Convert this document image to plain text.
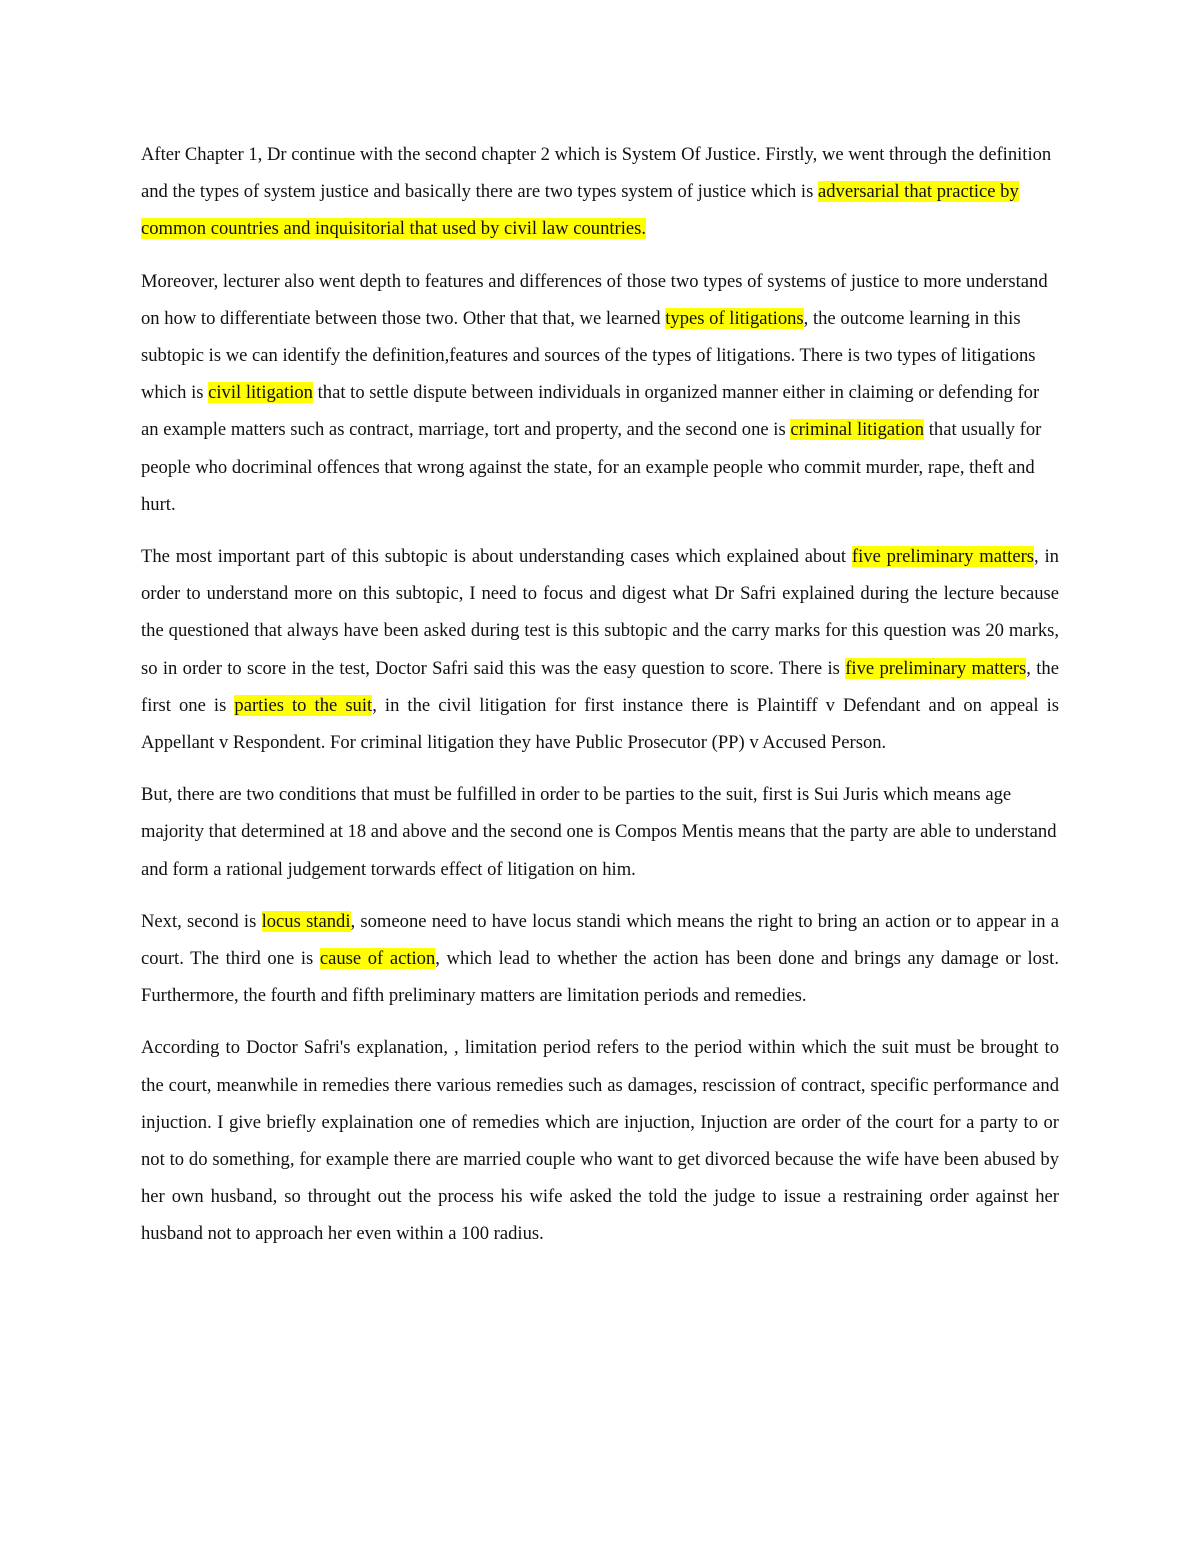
After Chapter 1, Dr continue with the second chapter 2 which is System Of Justice. Firstly, we went through the definition and the types of system justice and basically there are two types system of justice which is adversarial that practice by common countries and inquisitorial that used by civil law countries.

Moreover, lecturer also went depth to features and differences of those two types of systems of justice to more understand on how to differentiate between those two. Other that that, we learned types of litigations, the outcome learning in this subtopic is we can identify the definition,features and sources of the types of litigations. There is two types of litigations which is civil litigation that to settle dispute between individuals in organized manner either in claiming or defending for an example matters such as contract, marriage, tort and property, and the second one is criminal litigation that usually for people who docriminal offences that wrong against the state, for an example people who commit murder, rape, theft and hurt.

The most important part of this subtopic is about understanding cases which explained about five preliminary matters, in order to understand more on this subtopic, I need to focus and digest what Dr Safri explained during the lecture because the questioned that always have been asked during test is this subtopic and the carry marks for this question was 20 marks, so in order to score in the test, Doctor Safri said this was the easy question to score. There is five preliminary matters, the first one is parties to the suit, in the civil litigation for first instance there is Plaintiff v Defendant and on appeal is Appellant v Respondent. For criminal litigation they have Public Prosecutor (PP) v Accused Person.

But, there are two conditions that must be fulfilled in order to be parties to the suit, first is Sui Juris which means age majority that determined at 18 and above and the second one is Compos Mentis means that the party are able to understand and form a rational judgement torwards effect of litigation on him.

Next, second is locus standi, someone need to have locus standi which means the right to bring an action or to appear in a court. The third one is cause of action, which lead to whether the action has been done and brings any damage or lost. Furthermore, the fourth and fifth preliminary matters are limitation periods and remedies.

According to Doctor Safri's explanation, , limitation period refers to the period within which the suit must be brought to the court, meanwhile in remedies there various remedies such as damages, rescission of contract, specific performance and injuction. I give briefly explaination one of remedies which are injuction, Injuction are order of the court for a party to or not to do something, for example there are married couple who want to get divorced because the wife have been abused by her own husband, so throught out the process his wife asked the told the judge to issue a restraining order against her husband not to approach her even within a 100 radius.
